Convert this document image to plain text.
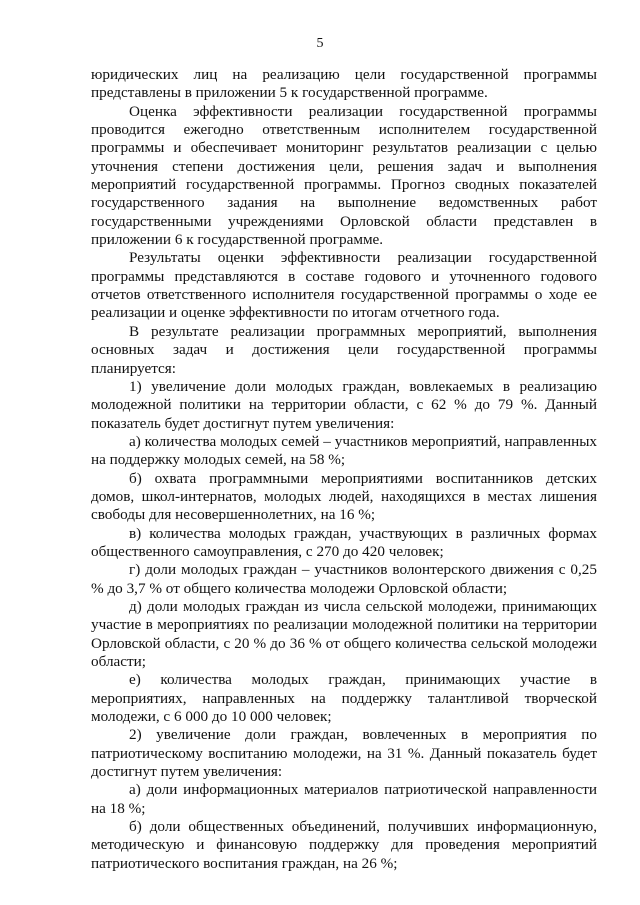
5

юридических лиц на реализацию цели государственной программы представлены в приложении 5 к государственной программе.

Оценка эффективности реализации государственной программы проводится ежегодно ответственным исполнителем государственной программы и обеспечивает мониторинг результатов реализации с целью уточнения степени достижения цели, решения задач и выполнения мероприятий государственной программы. Прогноз сводных показателей государственного задания на выполнение ведомственных работ государственными учреждениями Орловской области представлен в приложении 6 к государственной программе.

Результаты оценки эффективности реализации государственной программы представляются в составе годового и уточненного годового отчетов ответственного исполнителя государственной программы о ходе ее реализации и оценке эффективности по итогам отчетного года.

В результате реализации программных мероприятий, выполнения основных задач и достижения цели государственной программы планируется:

1) увеличение доли молодых граждан, вовлекаемых в реализацию молодежной политики на территории области, с 62 % до 79 %. Данный показатель будет достигнут путем увеличения:

а) количества молодых семей – участников мероприятий, направленных на поддержку молодых семей, на 58 %;

б) охвата программными мероприятиями воспитанников детских домов, школ-интернатов, молодых людей, находящихся в местах лишения свободы для несовершеннолетних, на 16 %;

в) количества молодых граждан, участвующих в различных формах общественного самоуправления, с 270 до 420 человек;

г) доли молодых граждан – участников волонтерского движения с 0,25 % до 3,7 % от общего количества молодежи Орловской области;

д) доли молодых граждан из числа сельской молодежи, принимающих участие в мероприятиях по реализации молодежной политики на территории Орловской области, с 20 % до 36 % от общего количества сельской молодежи области;

е) количества молодых граждан, принимающих участие в мероприятиях, направленных на поддержку талантливой творческой молодежи, с 6 000 до 10 000 человек;

2) увеличение доли граждан, вовлеченных в мероприятия по патриотическому воспитанию молодежи, на 31 %. Данный показатель будет достигнут путем увеличения:

а) доли информационных материалов патриотической направленности на 18 %;

б) доли общественных объединений, получивших информационную, методическую и финансовую поддержку для проведения мероприятий патриотического воспитания граждан, на 26 %;
